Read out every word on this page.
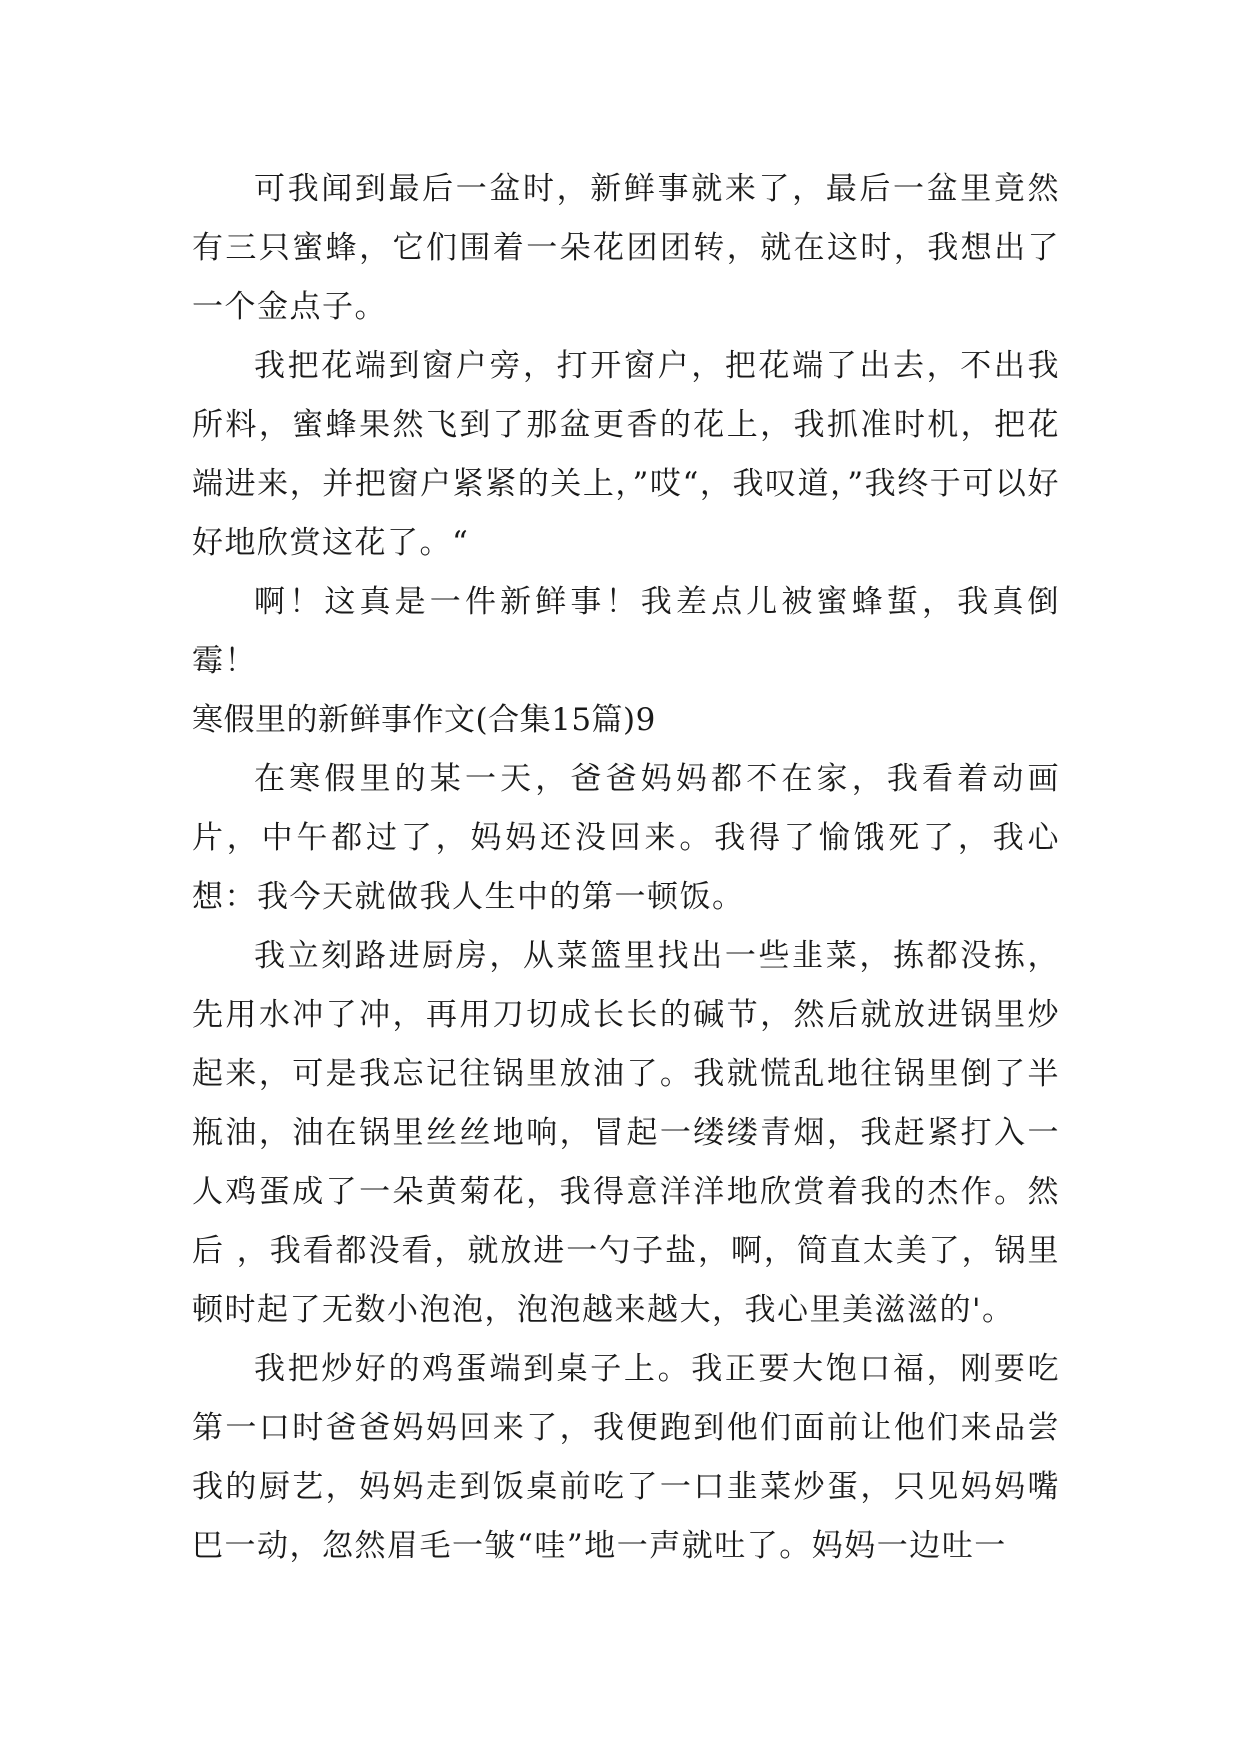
可我闻到最后一盆时，新鲜事就来了，最后一盆里竟然有三只蜜蜂，它们围着一朵花团团转，就在这时，我想出了一个金点子。

我把花端到窗户旁，打开窗户，把花端了出去，不出我所料，蜜蜂果然飞到了那盆更香的花上，我抓准时机，把花端进来，并把窗户紧紧的关上，”哎“，我叹道，”我终于可以好好地欣赏这花了。“

啊！这真是一件新鲜事！我差点儿被蜜蜂蜇，我真倒霉！

寒假里的新鲜事作文(合集15篇)9

在寒假里的某一天，爸爸妈妈都不在家，我看着动画片，中午都过了，妈妈还没回来。我得了愉饿死了，我心想：我今天就做我人生中的第一顿饭。

我立刻路进厨房，从菜篮里找出一些韭菜，拣都没拣，先用水冲了冲，再用刀切成长长的碱节，然后就放进锅里炒起来，可是我忘记往锅里放油了。我就慌乱地往锅里倒了半瓶油，油在锅里丝丝地响，冒起一缕缕青烟，我赶紧打入一人鸡蛋成了一朵黄菊花，我得意洋洋地欣赏着我的杰作。然后 ，我看都没看，就放进一勺子盐，啊，简直太美了，锅里顿时起了无数小泡泡，泡泡越来越大，我心里美滋滋的'。

我把炒好的鸡蛋端到桌子上。我正要大饱口福，刚要吃第一口时爸爸妈妈回来了，我便跑到他们面前让他们来品尝我的厨艺，妈妈走到饭桌前吃了一口韭菜炒蛋，只见妈妈嘴巴一动，忽然眉毛一皱“哇”地一声就吐了。妈妈一边吐一
